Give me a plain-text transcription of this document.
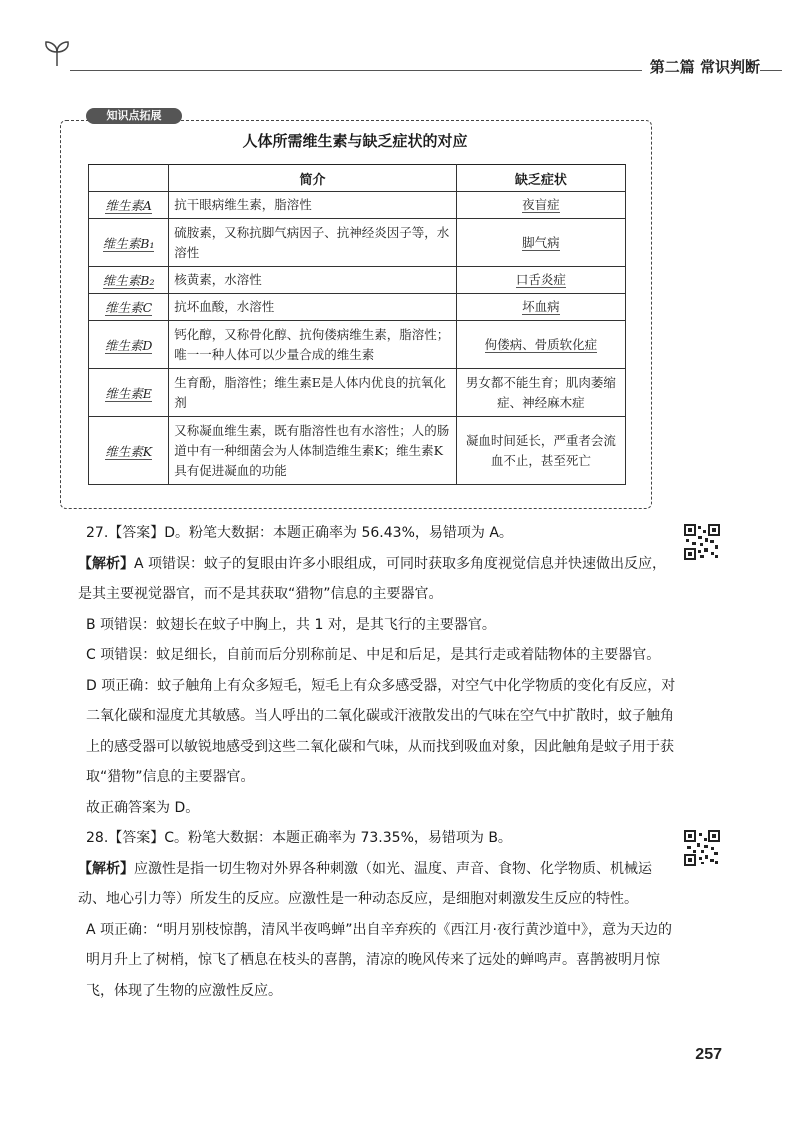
第二篇 常识判断
知识点拓展
人体所需维生素与缺乏症状的对应
	简介	缺乏症状
维生素A	抗干眼病维生素，脂溶性	夜盲症
维生素B₁	硫胺素，又称抗脚气病因子、抗神经炎因子等，水溶性	脚气病
维生素B₂	核黄素，水溶性	口舌炎症
维生素C	抗坏血酸，水溶性	坏血病
维生素D	钙化醇，又称骨化醇、抗佝偻病维生素，脂溶性；唯一一种人体可以少量合成的维生素	佝偻病、骨质软化症
维生素E	生育酚，脂溶性；维生素E是人体内优良的抗氧化剂	男女都不能生育；肌肉萎缩症、神经麻木症
维生素K	又称凝血维生素，既有脂溶性也有水溶性；人的肠道中有一种细菌会为人体制造维生素K；维生素K具有促进凝血的功能	凝血时间延长，严重者会流血不止，甚至死亡

27.【答案】D。粉笔大数据：本题正确率为 56.43%，易错项为 A。

【解析】A 项错误：蚊子的复眼由许多小眼组成，可同时获取多角度视觉信息并快速做出反应，是其主要视觉器官，而不是其获取“猎物”信息的主要器官。

B 项错误：蚊翅长在蚊子中胸上，共 1 对，是其飞行的主要器官。

C 项错误：蚊足细长，自前而后分别称前足、中足和后足，是其行走或着陆物体的主要器官。

D 项正确：蚊子触角上有众多短毛，短毛上有众多感受器，对空气中化学物质的变化有反应，对二氧化碳和湿度尤其敏感。当人呼出的二氧化碳或汗液散发出的气味在空气中扩散时，蚊子触角上的感受器可以敏锐地感受到这些二氧化碳和气味，从而找到吸血对象，因此触角是蚊子用于获取“猎物”信息的主要器官。

故正确答案为 D。

28.【答案】C。粉笔大数据：本题正确率为 73.35%，易错项为 B。

【解析】应激性是指一切生物对外界各种刺激（如光、温度、声音、食物、化学物质、机械运动、地心引力等）所发生的反应。应激性是一种动态反应，是细胞对刺激发生反应的特性。

A 项正确：“明月别枝惊鹊，清风半夜鸣蝉”出自辛弃疾的《西江月·夜行黄沙道中》，意为天边的明月升上了树梢，惊飞了栖息在枝头的喜鹊，清凉的晚风传来了远处的蝉鸣声。喜鹊被明月惊飞，体现了生物的应激性反应。

257
